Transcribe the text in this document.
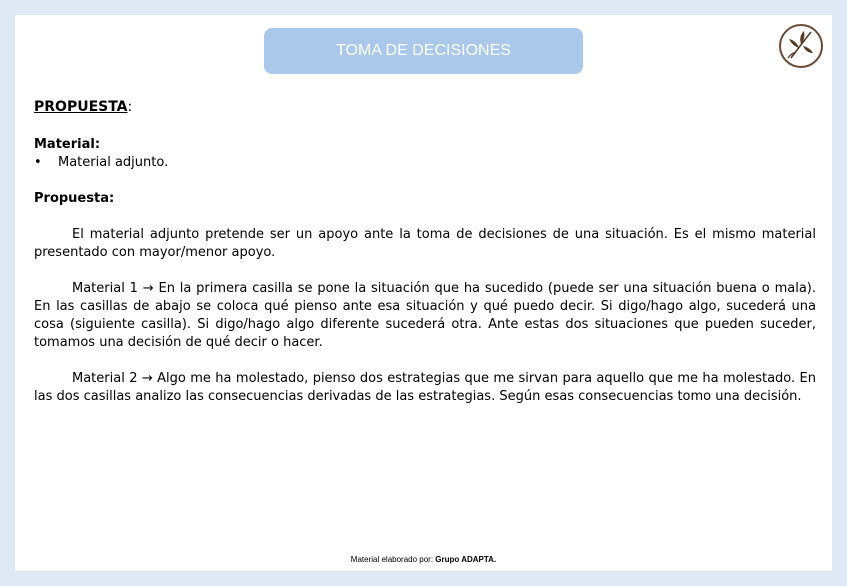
TOMA DE DECISIONES
PROPUESTA:
Material:
• Material adjunto.
Propuesta:

El material adjunto pretende ser un apoyo ante la toma de decisiones de una situación. Es el mismo material presentado con mayor/menor apoyo.

Material 1 → En la primera casilla se pone la situación que ha sucedido (puede ser una situación buena o mala). En las casillas de abajo se coloca qué pienso ante esa situación y qué puedo decir. Si digo/hago algo, sucederá una cosa (siguiente casilla). Si digo/hago algo diferente sucederá otra. Ante estas dos situaciones que pueden suceder, tomamos una decisión de qué decir o hacer.

Material 2 → Algo me ha molestado, pienso dos estrategias que me sirvan para aquello que me ha molestado. En las dos casillas analizo las consecuencias derivadas de las estrategias. Según esas consecuencias tomo una decisión.

Material elaborado por: Grupo ADAPTA.
